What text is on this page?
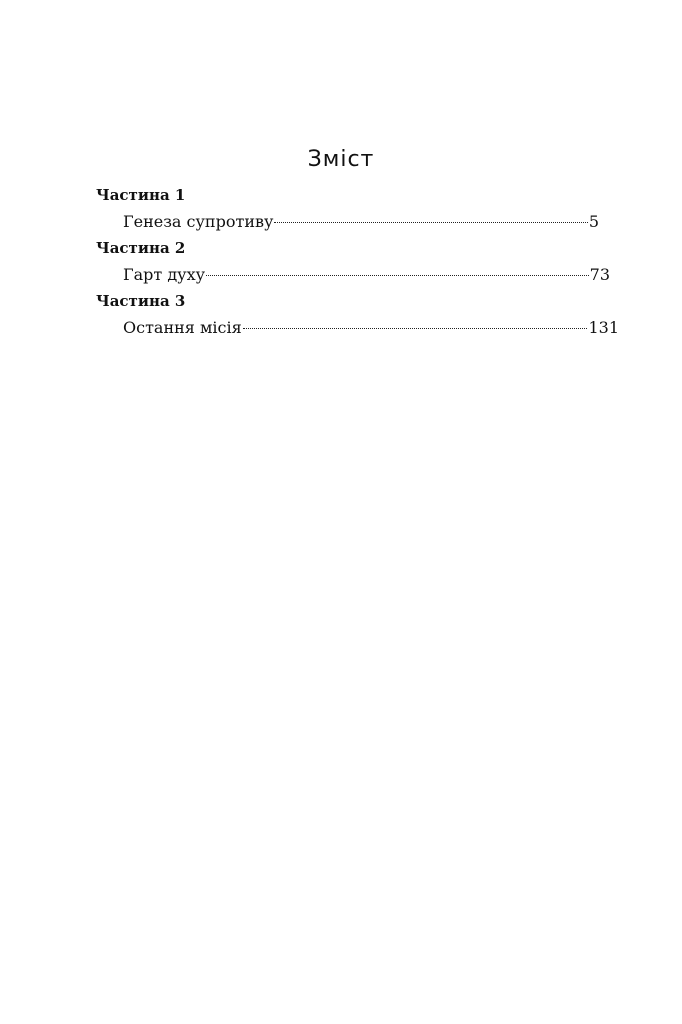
Зміст
Частина 1
Генеза супротиву	5
Частина 2
Гарт духу	73
Частина 3
Остання місія	131
